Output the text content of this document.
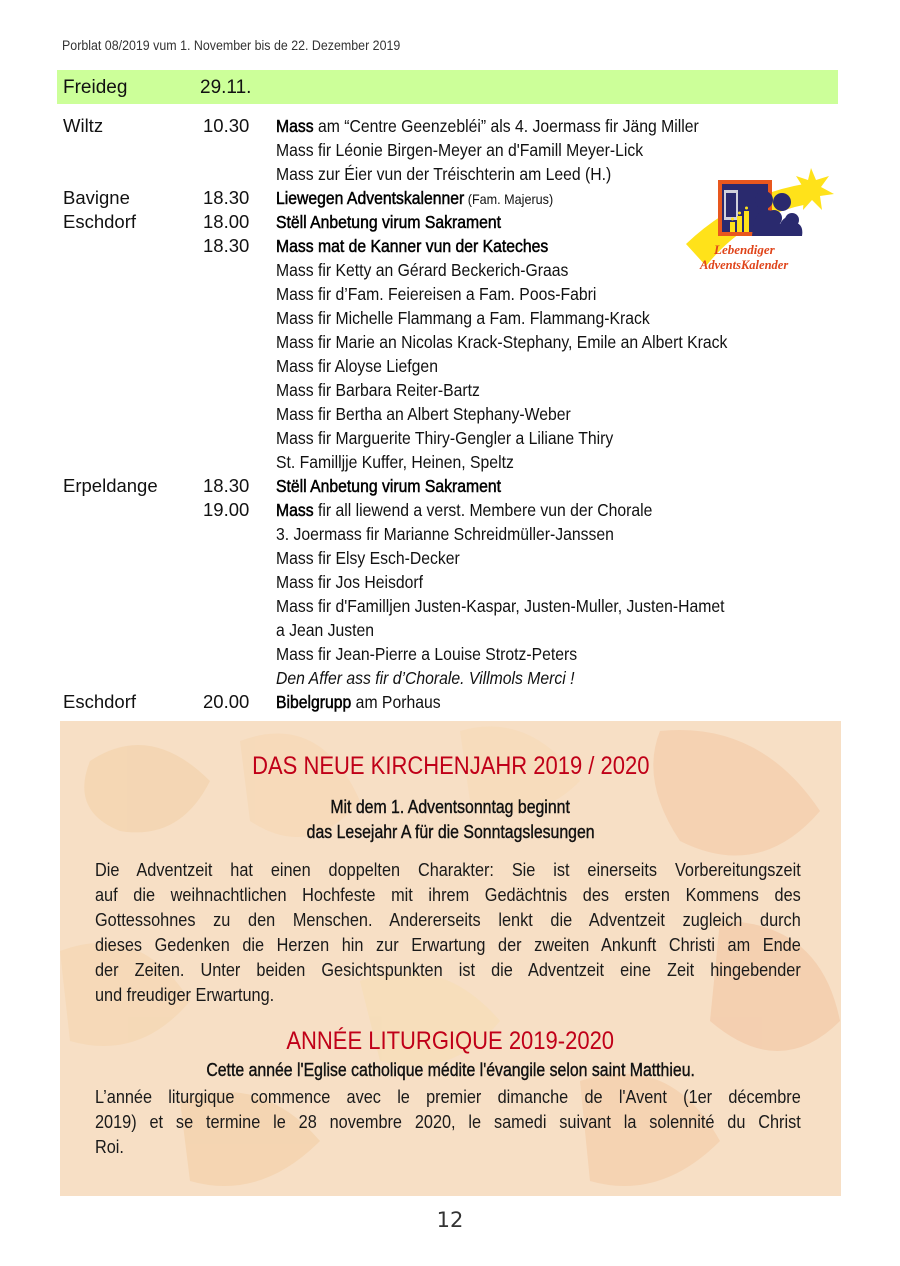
Porblat 08/2019 vum 1. November bis de 22. Dezember 2019
Freideg	29.11.
Wiltz	10.30 Mass am “Centre Geenzebléi” als 4. Joermass fir Jäng Miller
Mass fir Léonie Birgen-Meyer an d'Famill Meyer-Lick
Mass zur Éier vun der Tréischterin am Leed (H.)
Bavigne	18.30 Liewegen Adventskalenner (Fam. Majerus)
Eschdorf	18.00 Stëll Anbetung virum Sakrament
18.30 Mass mat de Kanner vun der Kateches
Mass fir Ketty an Gérard Beckerich-Graas
Mass fir d’Fam. Feiereisen a Fam. Poos-Fabri
Mass fir Michelle Flammang a Fam. Flammang-Krack
Mass fir Marie an Nicolas Krack-Stephany, Emile an Albert Krack
Mass fir Aloyse Liefgen
Mass fir Barbara Reiter-Bartz
Mass fir Bertha an Albert Stephany-Weber
Mass fir Marguerite Thiry-Gengler a Liliane Thiry
St. Familljje Kuffer, Heinen, Speltz
Erpeldange 18.30 Stëll Anbetung virum Sakrament
19.00 Mass fir all liewend a verst. Membere vun der Chorale
3. Joermass fir Marianne Schreidmüller-Janssen
Mass fir Elsy Esch-Decker
Mass fir Jos Heisdorf
Mass fir d'Familljen Justen-Kaspar, Justen-Muller, Justen-Hamet
a Jean Justen
Mass fir Jean-Pierre a Louise Strotz-Peters
Den Affer ass fir d’Chorale. Villmols Merci !
Eschdorf	20.00 Bibelgrupp am Porhaus
Lebendiger
AdventsKalender
DAS NEUE KIRCHENJAHR 2019 / 2020
Mit dem 1. Adventsonntag beginnt
das Lesejahr A für die Sonntagslesungen
Die Adventzeit hat einen doppelten Charakter: Sie ist einerseits Vorbereitungszeit
auf die weihnachtlichen Hochfeste mit ihrem Gedächtnis des ersten Kommens des
Gottessohnes zu den Menschen. Andererseits lenkt die Adventzeit zugleich durch
dieses Gedenken die Herzen hin zur Erwartung der zweiten Ankunft Christi am Ende
der Zeiten. Unter beiden Gesichtspunkten ist die Adventzeit eine Zeit hingebender
und freudiger Erwartung.
ANNÉE LITURGIQUE 2019-2020
Cette année l'Eglise catholique médite l'évangile selon saint Matthieu.
L’année liturgique commence avec le premier dimanche de l'Avent (1er décembre
2019) et se termine le 28 novembre 2020, le samedi suivant la solennité du Christ
Roi.
12
